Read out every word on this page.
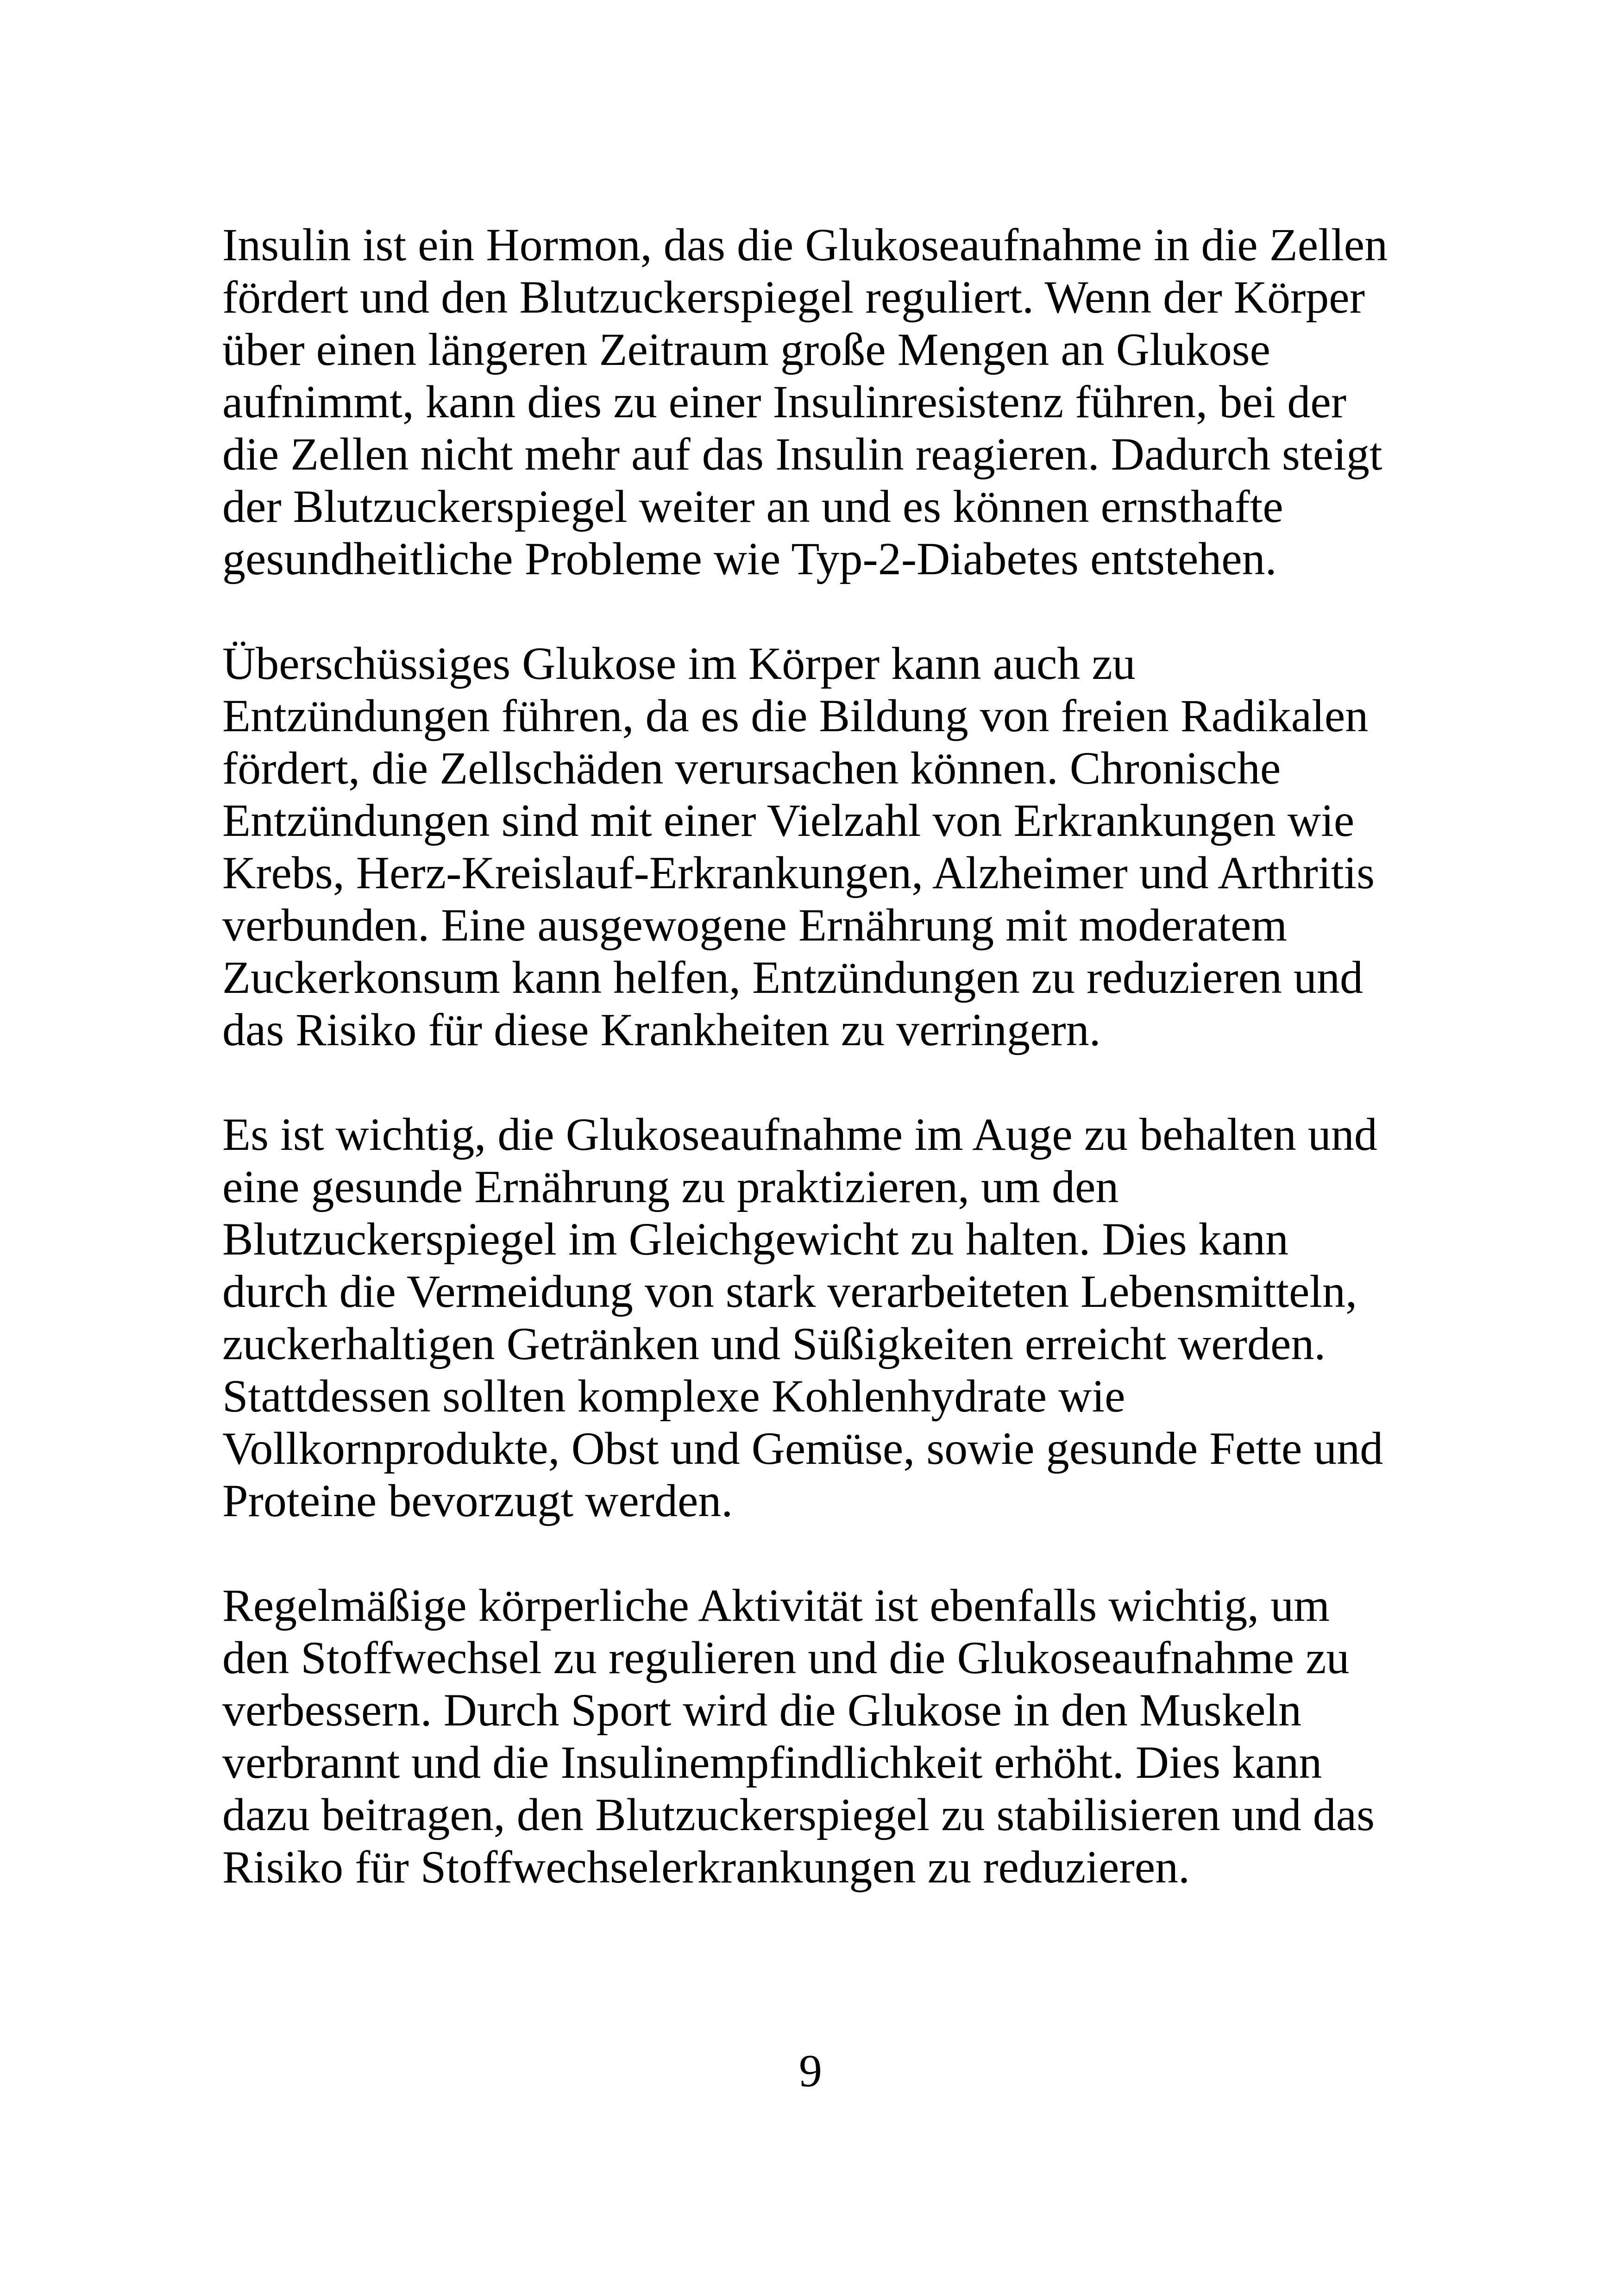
Insulin ist ein Hormon, das die Glukoseaufnahme in die Zellen
fördert und den Blutzuckerspiegel reguliert. Wenn der Körper
über einen längeren Zeitraum große Mengen an Glukose
aufnimmt, kann dies zu einer Insulinresistenz führen, bei der
die Zellen nicht mehr auf das Insulin reagieren. Dadurch steigt
der Blutzuckerspiegel weiter an und es können ernsthafte
gesundheitliche Probleme wie Typ-2-Diabetes entstehen.

Überschüssiges Glukose im Körper kann auch zu
Entzündungen führen, da es die Bildung von freien Radikalen
fördert, die Zellschäden verursachen können. Chronische
Entzündungen sind mit einer Vielzahl von Erkrankungen wie
Krebs, Herz-Kreislauf-Erkrankungen, Alzheimer und Arthritis
verbunden. Eine ausgewogene Ernährung mit moderatem
Zuckerkonsum kann helfen, Entzündungen zu reduzieren und
das Risiko für diese Krankheiten zu verringern.

Es ist wichtig, die Glukoseaufnahme im Auge zu behalten und
eine gesunde Ernährung zu praktizieren, um den
Blutzuckerspiegel im Gleichgewicht zu halten. Dies kann
durch die Vermeidung von stark verarbeiteten Lebensmitteln,
zuckerhaltigen Getränken und Süßigkeiten erreicht werden.
Stattdessen sollten komplexe Kohlenhydrate wie
Vollkornprodukte, Obst und Gemüse, sowie gesunde Fette und
Proteine bevorzugt werden.

Regelmäßige körperliche Aktivität ist ebenfalls wichtig, um
den Stoffwechsel zu regulieren und die Glukoseaufnahme zu
verbessern. Durch Sport wird die Glukose in den Muskeln
verbrannt und die Insulinempfindlichkeit erhöht. Dies kann
dazu beitragen, den Blutzuckerspiegel zu stabilisieren und das
Risiko für Stoffwechselerkrankungen zu reduzieren.

9
